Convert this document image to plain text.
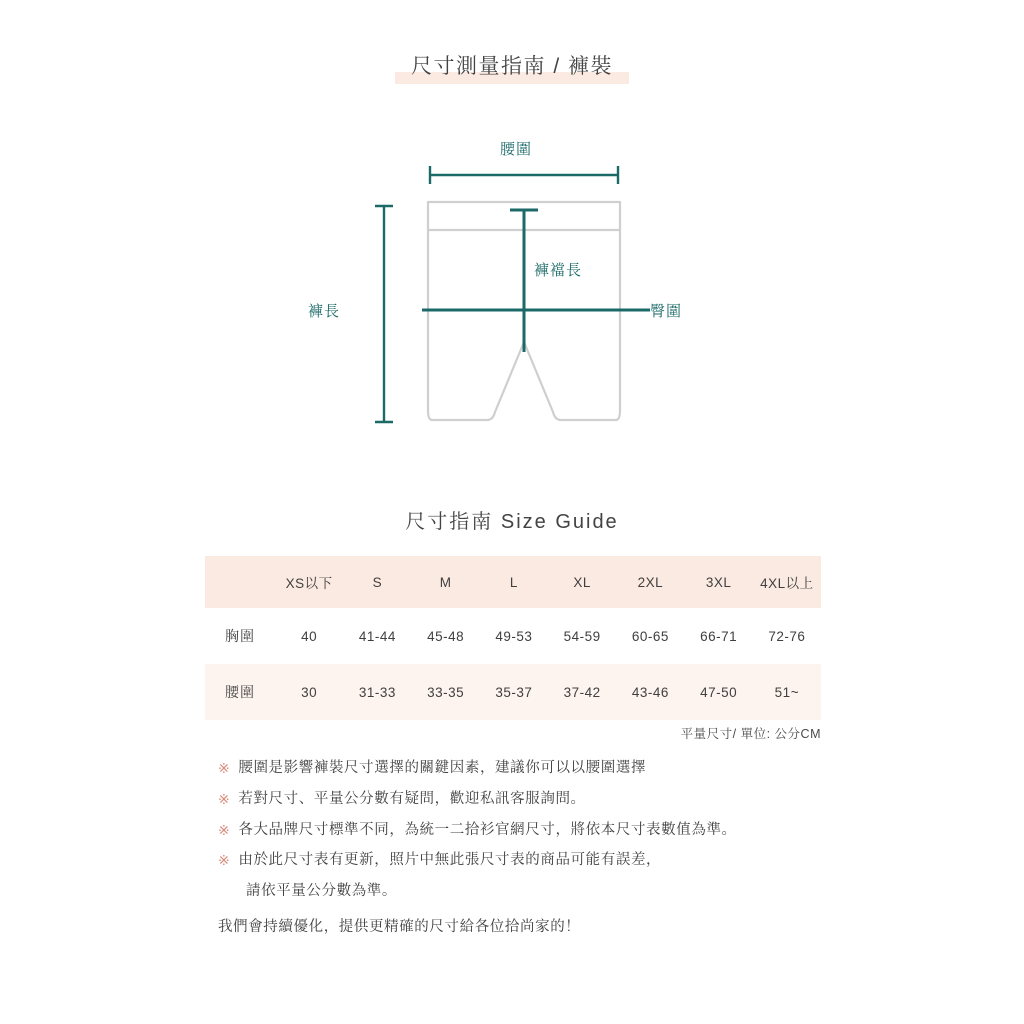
尺寸測量指南 / 褲裝
腰圍
褲襠長
褲長	臀圍
尺寸指南 Size Guide
	XS以下	S	M	L	XL	2XL	3XL	4XL以上
胸圍	40	41-44	45-48	49-53	54-59	60-65	66-71	72-76
腰圍	30	31-33	33-35	35-37	37-42	43-46	47-50	51~
平量尺寸/ 單位: 公分CM
※ 腰圍是影響褲裝尺寸選擇的關鍵因素，建議你可以以腰圍選擇
※ 若對尺寸、平量公分數有疑問，歡迎私訊客服詢問。
※ 各大品牌尺寸標準不同，為統一二拾衫官網尺寸，將依本尺寸表數值為準。
※ 由於此尺寸表有更新，照片中無此張尺寸表的商品可能有誤差，
請依平量公分數為準。
我們會持續優化，提供更精確的尺寸給各位拾尚家的！
